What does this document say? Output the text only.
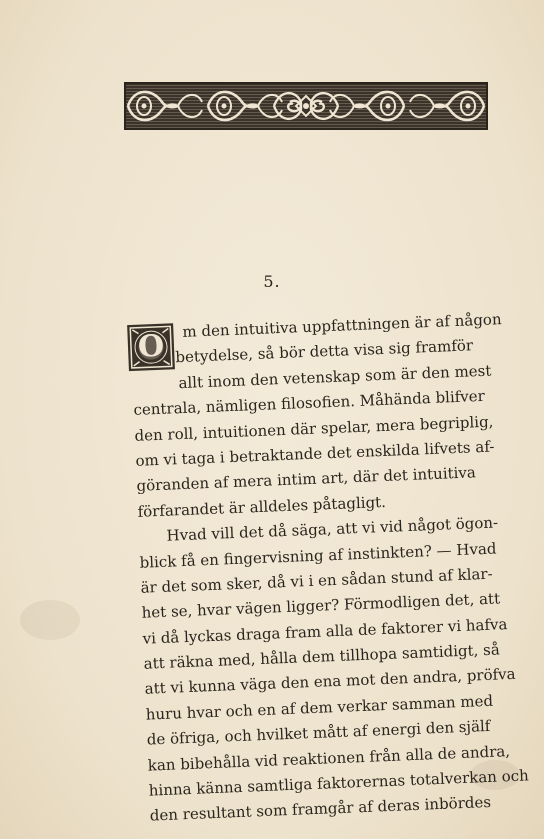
5.
O
m den intuitiva uppfattningen är af någon
betydelse, så bör detta visa sig framför
allt inom den vetenskap som är den mest
centrala, nämligen filosofien. Måhända blifver
den roll, intuitionen där spelar, mera begriplig,
om vi taga i betraktande det enskilda lifvets af-
göranden af mera intim art, där det intuitiva
förfarandet är alldeles påtagligt.
Hvad vill det då säga, att vi vid något ögon-
blick få en fingervisning af instinkten? — Hvad
är det som sker, då vi i en sådan stund af klar-
het se, hvar vägen ligger? Förmodligen det, att
vi då lyckas draga fram alla de faktorer vi hafva
att räkna med, hålla dem tillhopa samtidigt, så
att vi kunna väga den ena mot den andra, pröfva
huru hvar och en af dem verkar samman med
de öfriga, och hvilket mått af energi den själf
kan bibehålla vid reaktionen från alla de andra,
hinna känna samtliga faktorernas totalverkan och
den resultant som framgår af deras inbördes
